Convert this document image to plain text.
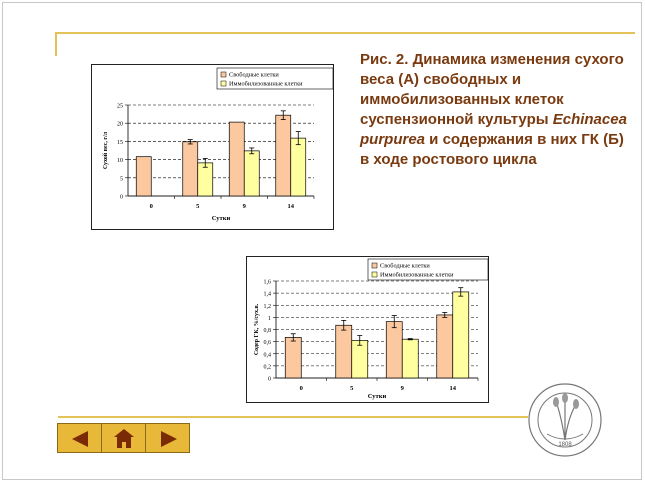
Рис. 2. Динамика изменения сухого веса (А) свободных и иммобилизованных клеток суспензионной культуры Echinacea purpurea и содержания в них ГК (Б) в ходе ростового цикла
0
5
10
15
20
25
0	5	9	14
Сутки
Сухой вес, г/л
Свободные клетки
Иммобилизованные клетки
0
0,2
0,4
0,6
0,8
1
1,2
1,4
1,6
0	5	9	14
Сутки
Содер ГК, %/сух.в.
Свободные клетки
Иммобилизованные клетки
1808
